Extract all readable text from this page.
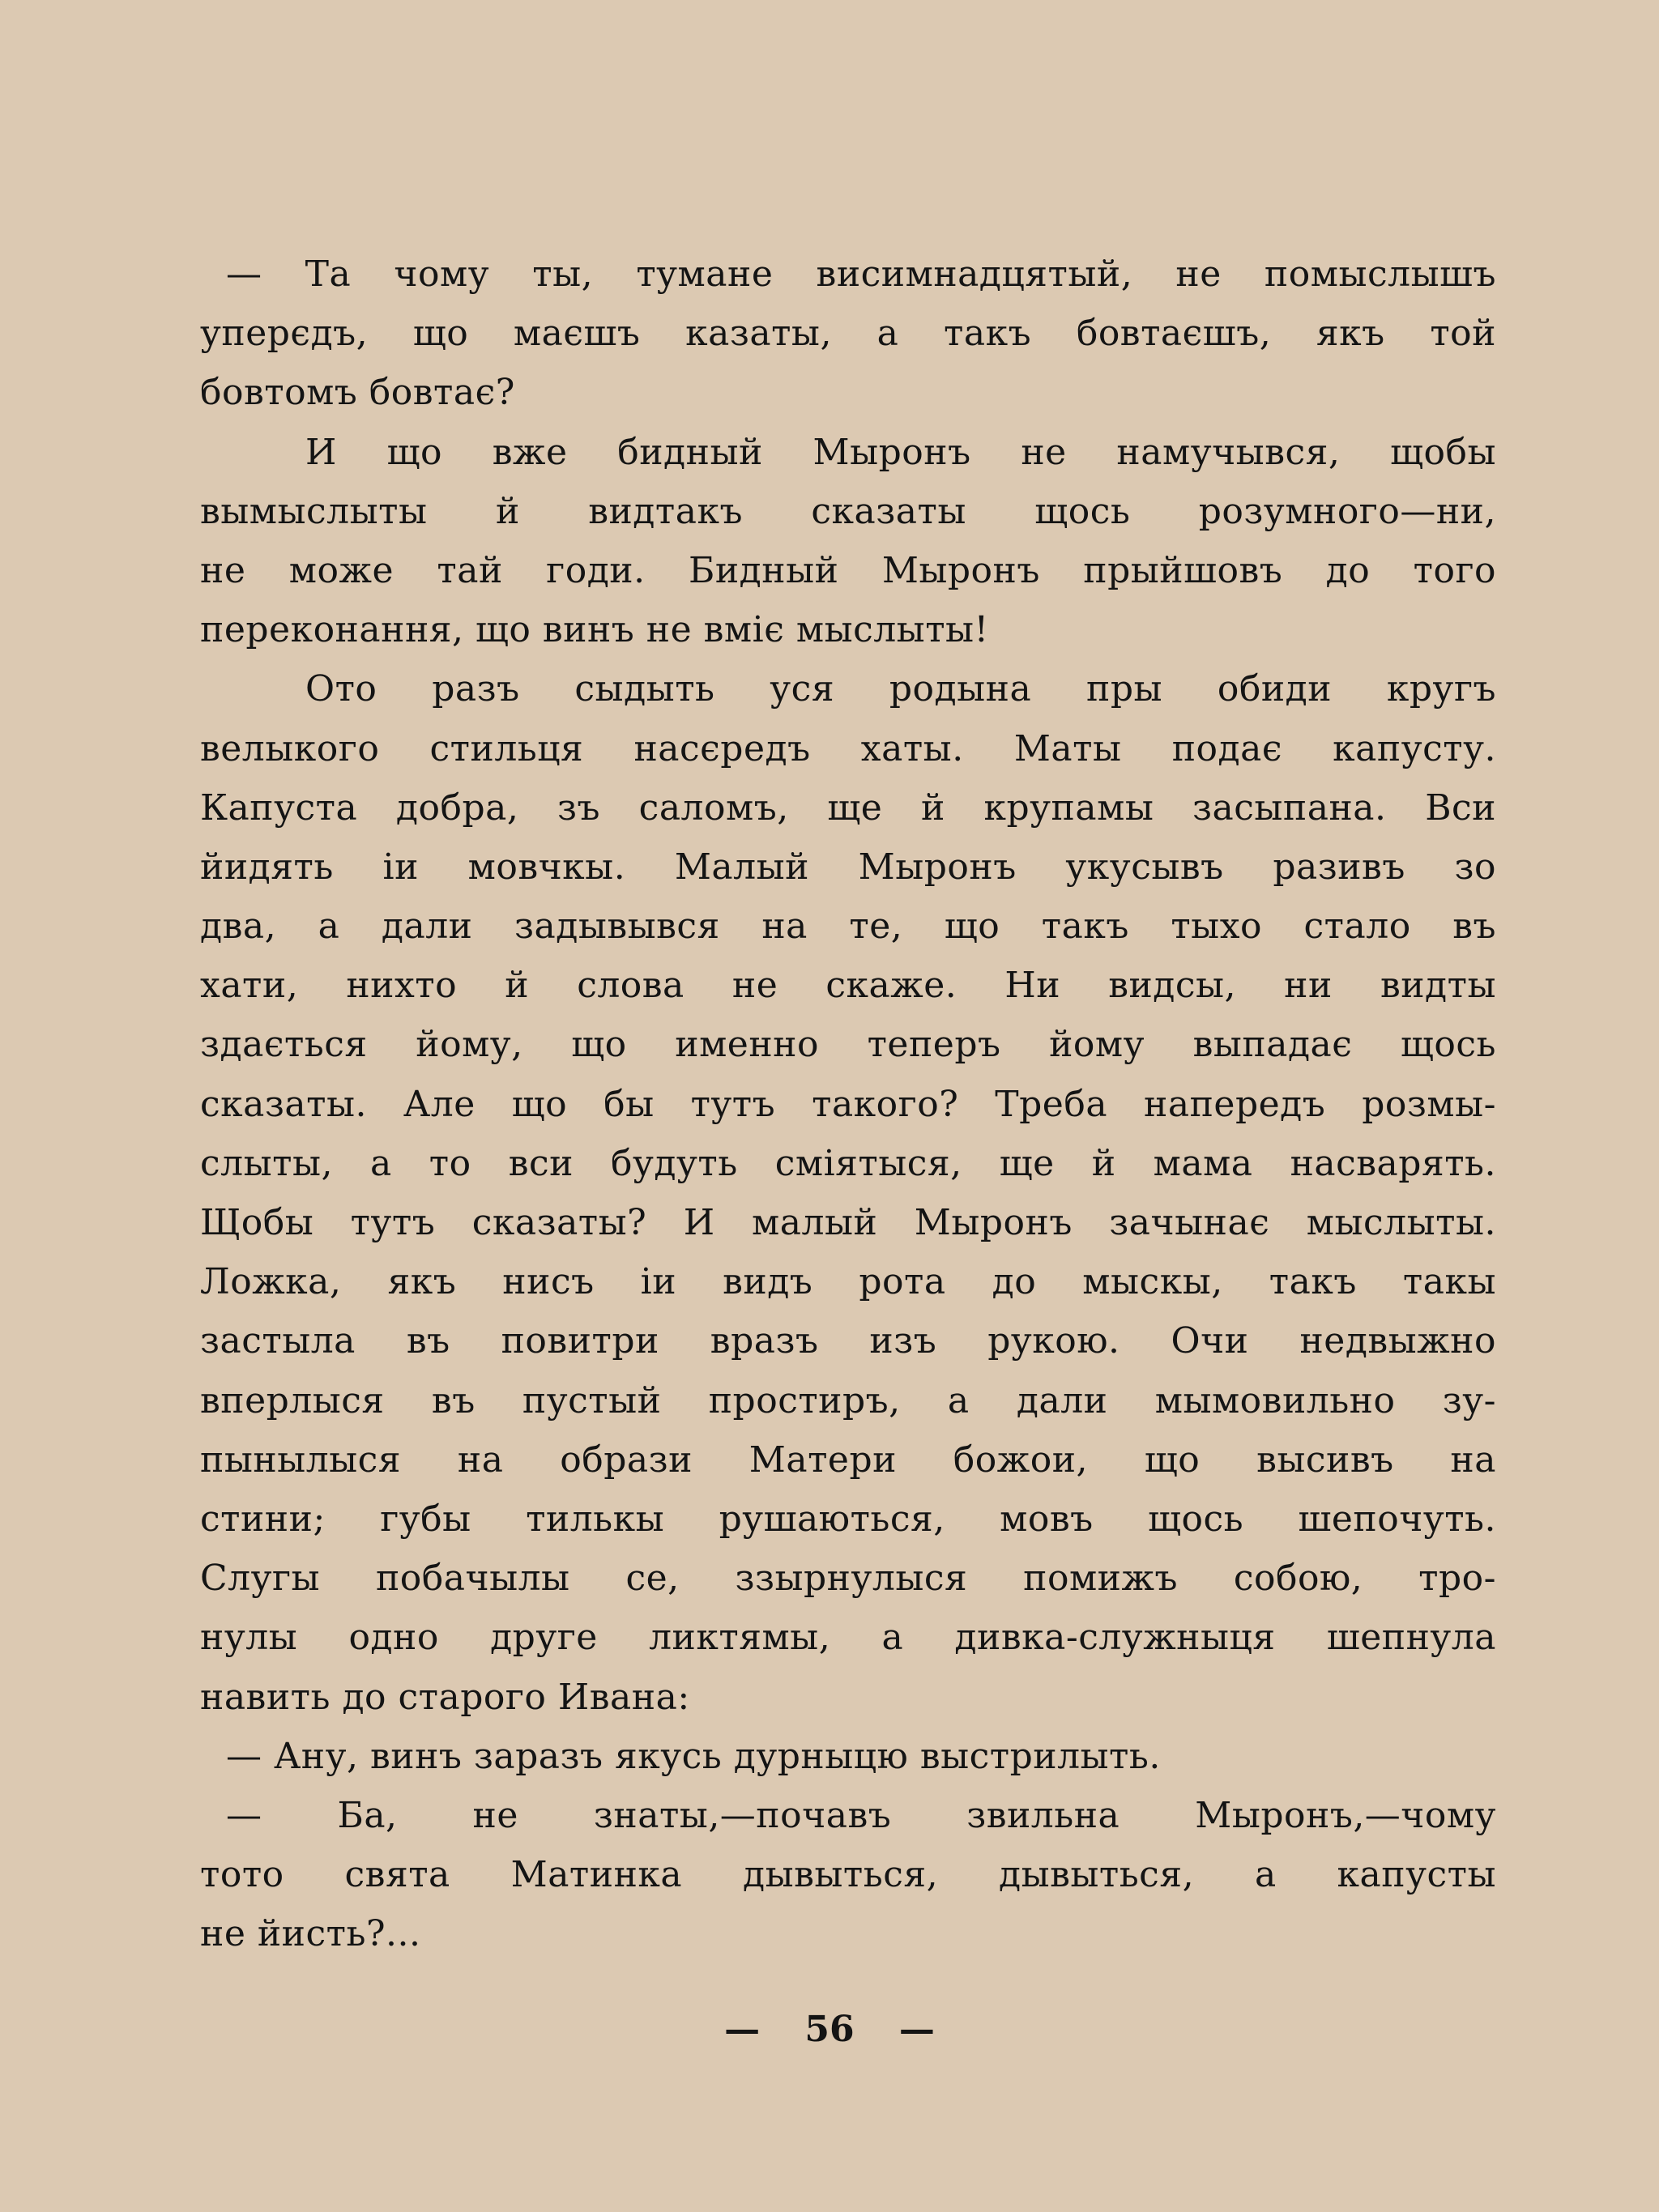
— Та чому ты, тумане висимнадцятый, не помыслышъ
уперєдъ, що маєшъ казаты, а такъ бовтаєшъ, якъ той
бовтомъ бовтає?
И що вже бидный Мыронъ не намучывся, щобы
вымыслыты й видтакъ сказаты щось розумного—ни,
не може тай годи. Бидный Мыронъ прыйшовъ до того
переконання, що винъ не вміє мыслыты!
Ото разъ сыдыть уся родына пры обиди кругъ
велыкого стильця насєредъ хаты. Маты подає капусту.
Капуста добра, зъ саломъ, ще й крупамы засыпана. Вси
йидять іи мовчкы. Малый Мыронъ укусывъ разивъ зо
два, а дали задывывся на те, що такъ тыхо стало въ
хати, нихто й слова не скаже. Ни видсы, ни видты
здається йому, що именно теперъ йому выпадає щось
сказаты. Але що бы тутъ такого? Треба напередъ розмы-
слыты, а то вси будуть сміятыся, ще й мама насварять.
Щобы тутъ сказаты? И малый Мыронъ зачынає мыслыты.
Ложка, якъ нисъ іи видъ рота до мыскы, такъ такы
застыла въ повитри вразъ изъ рукою. Очи недвыжно
вперлыся въ пустый простиръ, а дали мымовильно зу-
пынылыся на образи Матери божои, що высивъ на
стини; губы тилькы рушаються, мовъ щось шепочуть.
Слугы побачылы се, ззырнулыся помижъ собою, тро-
нулы одно друге ликтямы, а дивка-служныця шепнула
навить до старого Ивана:
— Ану, винъ заразъ якусь дурныцю выстрилыть.
— Ба, не знаты,—почавъ звильна Мыронъ,—чому
тото свята Матинка дывыться, дывыться, а капусты
не йисть?...
— 56 —
